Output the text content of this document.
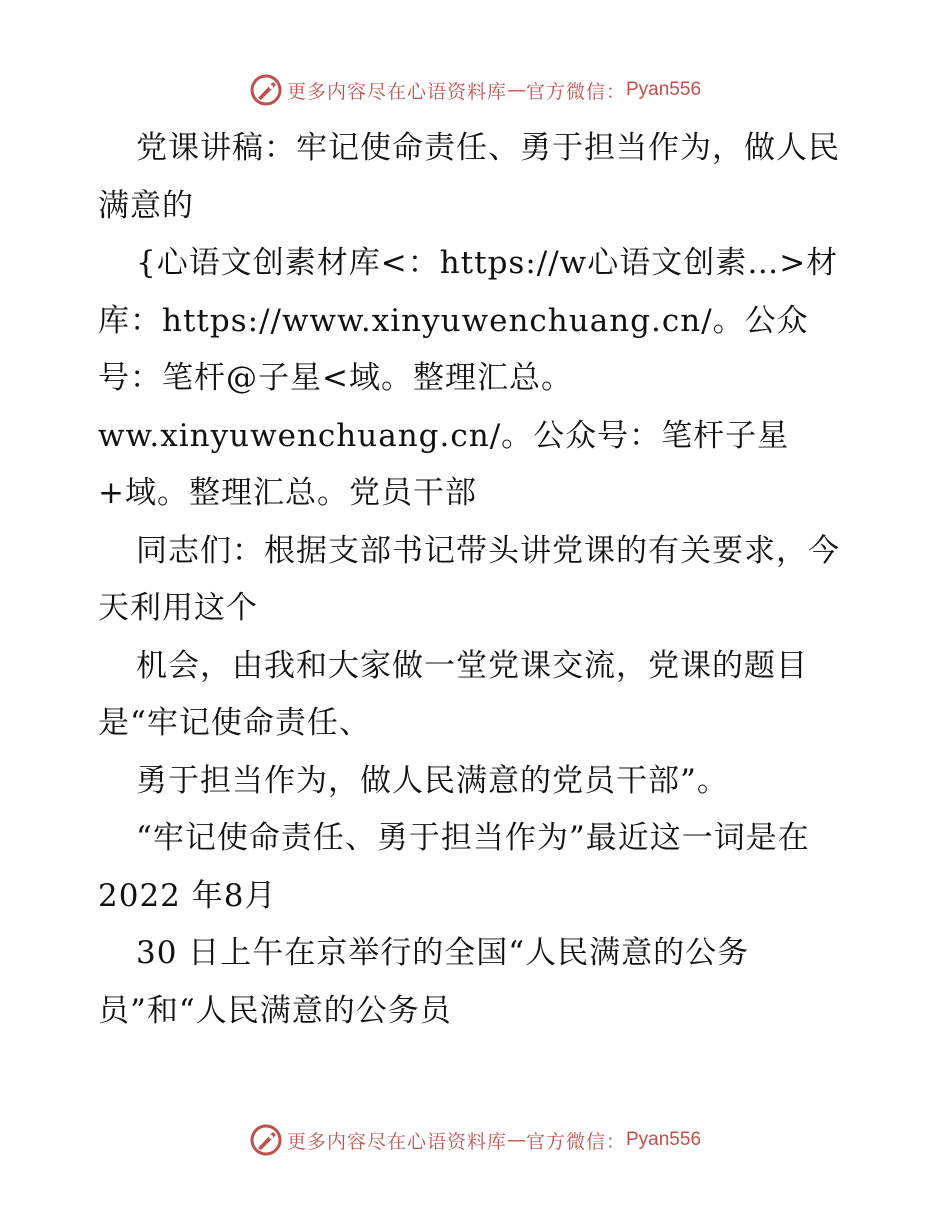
更多内容尽在心语资料库 — 官方微信： Pyan556

党课讲稿：牢记使命责任、勇于担当作为，做人民满意的

{心语文创素材库<：https://w心语文创素…>材库：https://www.xinyuwenchuang.cn/。公众号：笔杆@子星<域。整理汇总。

ww.xinyuwenchuang.cn/。公众号：笔杆子星+域。整理汇总。党员干部

同志们：根据支部书记带头讲党课的有关要求，今天利用这个

机会，由我和大家做一堂党课交流，党课的题目是“牢记使命责任、

勇于担当作为，做人民满意的党员干部”。

“牢记使命责任、勇于担当作为”最近这一词是在 2022 年8月

30 日上午在京举行的全国“人民满意的公务员”和“人民满意的公务员

更多内容尽在心语资料库 — 官方微信： Pyan556
